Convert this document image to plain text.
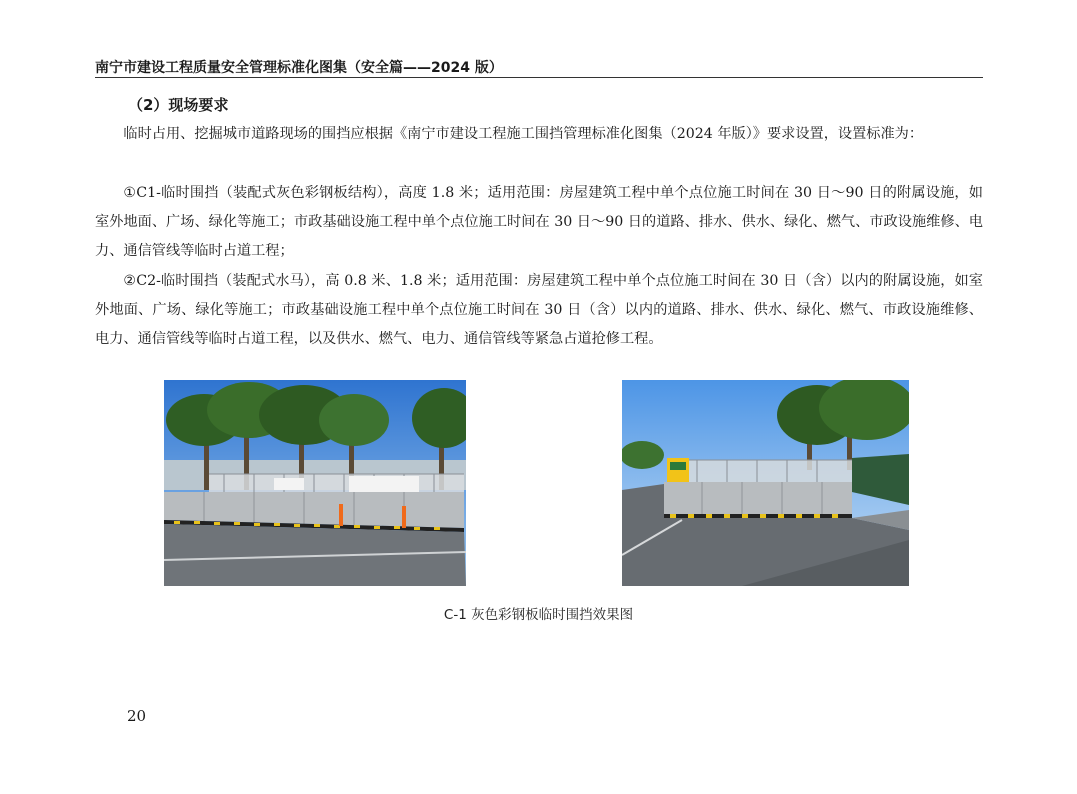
南宁市建设工程质量安全管理标准化图集（安全篇——2024 版）
（2）现场要求

临时占用、挖掘城市道路现场的围挡应根据《南宁市建设工程施工围挡管理标准化图集（2024 年版）》要求设置，设置标准为：

①C1-临时围挡（装配式灰色彩钢板结构），高度 1.8 米；适用范围：房屋建筑工程中单个点位施工时间在 30 日～90 日的附属设施，如室外地面、广场、绿化等施工；市政基础设施工程中单个点位施工时间在 30 日～90 日的道路、排水、供水、绿化、燃气、市政设施维修、电力、通信管线等临时占道工程；

②C2-临时围挡（装配式水马），高 0.8 米、1.8 米；适用范围：房屋建筑工程中单个点位施工时间在 30 日（含）以内的附属设施，如室外地面、广场、绿化等施工；市政基础设施工程中单个点位施工时间在 30 日（含）以内的道路、排水、供水、绿化、燃气、市政设施维修、电力、通信管线等临时占道工程，以及供水、燃气、电力、通信管线等紧急占道抢修工程。

C-1 灰色彩钢板临时围挡效果图
20
